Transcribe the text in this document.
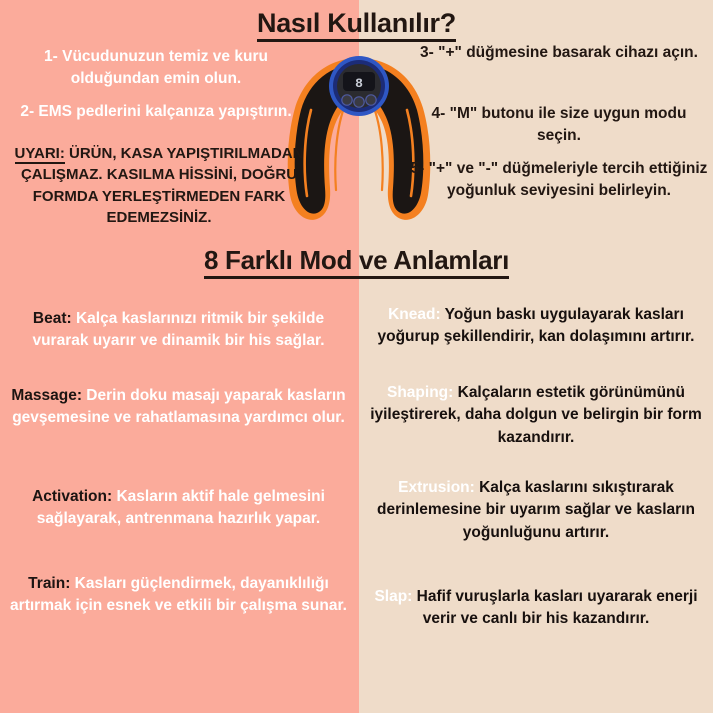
Nasıl Kullanılır?
1- Vücudunuzun temiz ve kuru olduğundan emin olun.
2- EMS pedlerini kalçanıza yapıştırın.
UYARI: ÜRÜN, KASA YAPIŞTIRILMADAN ÇALIŞMAZ. KASILMA HİSSİNİ, DOĞRU FORMDA YERLEŞTİRMEDEN FARK EDEMEZSİNİZ.
3- "+" düğmesine basarak cihazı açın.
4- "M" butonu ile size uygun modu seçin.
5- "+" ve "-" düğmeleriyle tercih ettiğiniz yoğunluk seviyesini belirleyin.
8
8 Farklı Mod ve Anlamları
Beat: Kalça kaslarınızı ritmik bir şekilde vurarak uyarır ve dinamik bir his sağlar.
Massage: Derin doku masajı yaparak kasların gevşemesine ve rahatlamasına yardımcı olur.
Activation: Kasların aktif hale gelmesini sağlayarak, antrenmana hazırlık yapar.
Train: Kasları güçlendirmek, dayanıklılığı artırmak için esnek ve etkili bir çalışma sunar.
Knead: Yoğun baskı uygulayarak kasları yoğurup şekillendirir, kan dolaşımını artırır.
Shaping: Kalçaların estetik görünümünü iyileştirerek, daha dolgun ve belirgin bir form kazandırır.
Extrusion: Kalça kaslarını sıkıştırarak derinlemesine bir uyarım sağlar ve kasların yoğunluğunu artırır.
Slap: Hafif vuruşlarla kasları uyararak enerji verir ve canlı bir his kazandırır.
